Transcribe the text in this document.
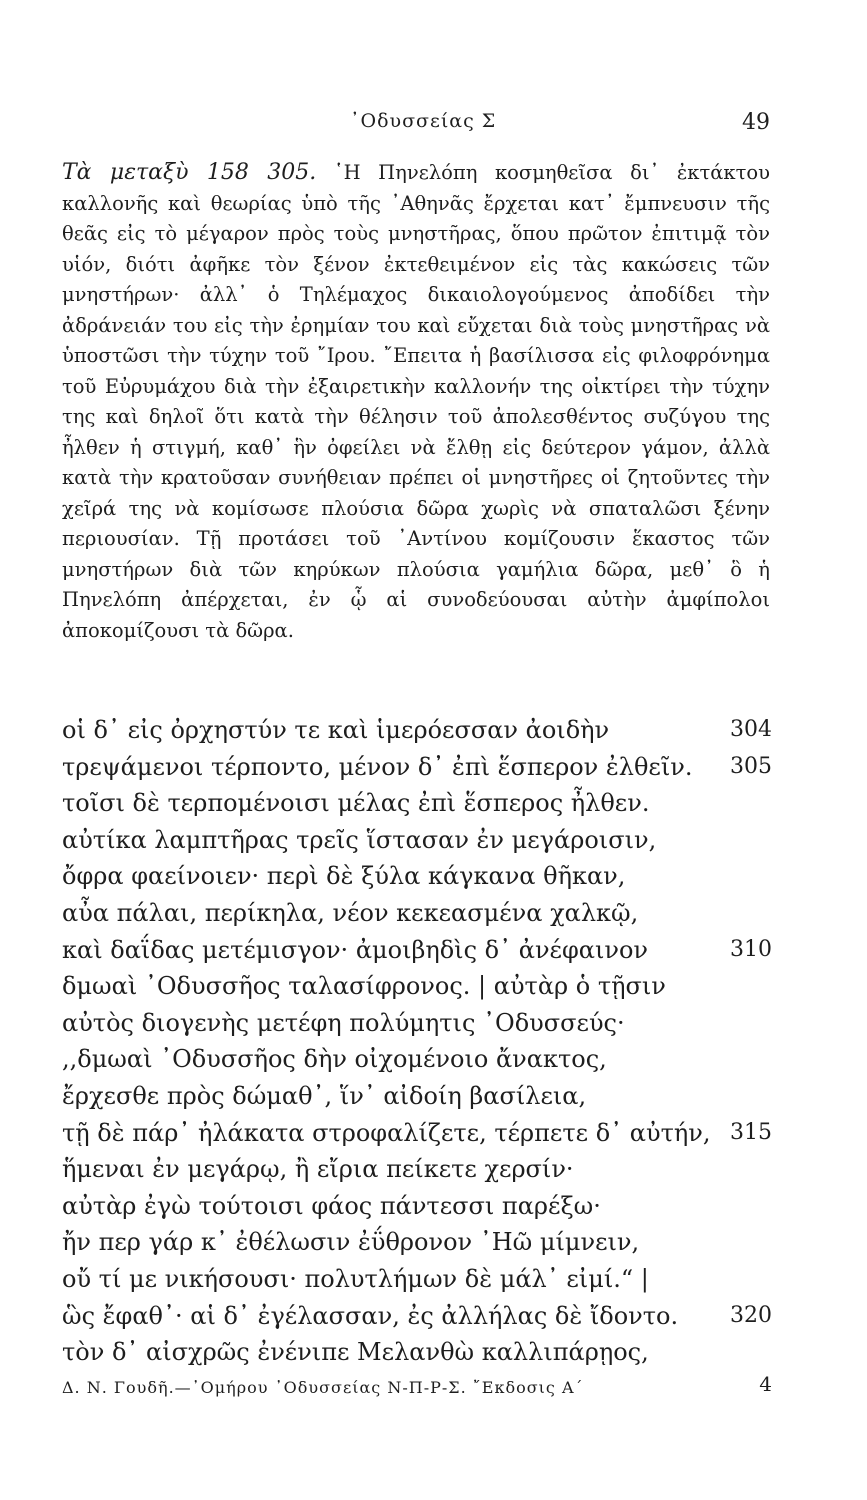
᾿Οδυσσείας Σ	49
Τὰ μεταξὺ 158 305. ῾Η Πηνελόπη κοσμηθεῖσα δι᾿ ἐκτάκτου καλλονῆς καὶ θεωρίας ὑπὸ τῆς ᾿Αθηνᾶς ἔρχεται κατ᾿ ἔμπνευσιν τῆς θεᾶς εἰς τὸ μέγαρον πρὸς τοὺς μνηστῆρας, ὅπου πρῶτον ἐπιτιμᾷ τὸν υἱόν, διότι ἀφῆκε τὸν ξένον ἐκτεθειμένον εἰς τὰς κακώσεις τῶν μνηστήρων· ἀλλ᾿ ὁ Τηλέμαχος δικαιολογούμενος ἀποδίδει τὴν ἀδράνειάν του εἰς τὴν ἐρημίαν του καὶ εὔχεται διὰ τοὺς μνηστῆρας νὰ ὑποστῶσι τὴν τύχην τοῦ ῎Ιρου. ῎Επειτα ἡ βασίλισσα εἰς φιλοφρόνημα τοῦ Εὐρυμάχου διὰ τὴν ἐξαιρετικὴν καλλονήν της οἰκτίρει τὴν τύχην της καὶ δηλοῖ ὅτι κατὰ τὴν θέλησιν τοῦ ἀπολεσθέντος συζύγου της ἦλθεν ἡ στιγμή, καθ᾿ ἣν ὀφείλει νὰ ἔλθῃ εἰς δεύτερον γάμον, ἀλλὰ κατὰ τὴν κρατοῦσαν συνήθειαν πρέπει οἱ μνηστῆρες οἱ ζητοῦντες τὴν χεῖρά της νὰ κομίσωσε πλούσια δῶρα χωρὶς νὰ σπαταλῶσι ξένην περιουσίαν. Τῇ προτάσει τοῦ ᾿Αντίνου κομίζουσιν ἕκαστος τῶν μνηστήρων διὰ τῶν κηρύκων πλούσια γαμήλια δῶρα, μεθ᾿ ὃ ἡ Πηνελόπη ἀπέρχεται, ἐν ᾧ αἱ συνοδεύουσαι αὐτὴν ἀμφίπολοι ἀποκομίζουσι τὰ δῶρα.
οἱ δ᾿ εἰς ὀρχηστύν τε καὶ ἱμερόεσσαν ἀοιδὴν	304
τρεψάμενοι τέρποντο, μένον δ᾿ ἐπὶ ἕσπερον ἐλθεῖν. 305
τοῖσι δὲ τερπομένοισι μέλας ἐπὶ ἕσπερος ἦλθεν.
αὐτίκα λαμπτῆρας τρεῖς ἵστασαν ἐν μεγάροισιν,
ὄφρα φαείνοιεν· περὶ δὲ ξύλα κάγκανα θῆκαν,
αὖα πάλαι, περίκηλα, νέον κεκεασμένα χαλκῷ,
καὶ δαΐδας μετέμισγον· ἀμοιβηδὶς δ᾿ ἀνέφαινον	310
δμωαὶ ᾿Οδυσσῆος ταλασίφρονος. | αὐτὰρ ὁ τῇσιν
αὐτὸς διογενὴς μετέφη πολύμητις ᾿Οδυσσεύς·
,,δμωαὶ ᾿Οδυσσῆος δὴν οἰχομένοιο ἄνακτος,
ἔρχεσθε πρὸς δώμαθ᾿, ἵν᾿ αἰδοίη βασίλεια,
τῇ δὲ πάρ᾿ ἠλάκατα στροφαλίζετε, τέρπετε δ᾿ αὐτήν, 315
ἥμεναι ἐν μεγάρῳ, ἢ εἴρια πείκετε χερσίν·
αὐτὰρ ἐγὼ τούτοισι φάος πάντεσσι παρέξω·
ἤν περ γάρ κ᾿ ἐθέλωσιν ἐΰθρονον ᾿Ηῶ μίμνειν,
οὔ τί με νικήσουσι· πολυτλήμων δὲ μάλ᾿ εἰμί.“ |
ὣς ἔφαθ᾿· αἱ δ᾿ ἐγέλασσαν, ἐς ἀλλήλας δὲ ἴδοντο. 320
τὸν δ᾿ αἰσχρῶς ἐνένιπε Μελανθὼ καλλιπάρῃος,
Δ. Ν. Γουδῆ.—᾿Ομήρου ᾿Οδυσσείας Ν-Π-Ρ-Σ. ῎Εκδοσις Α΄	4
